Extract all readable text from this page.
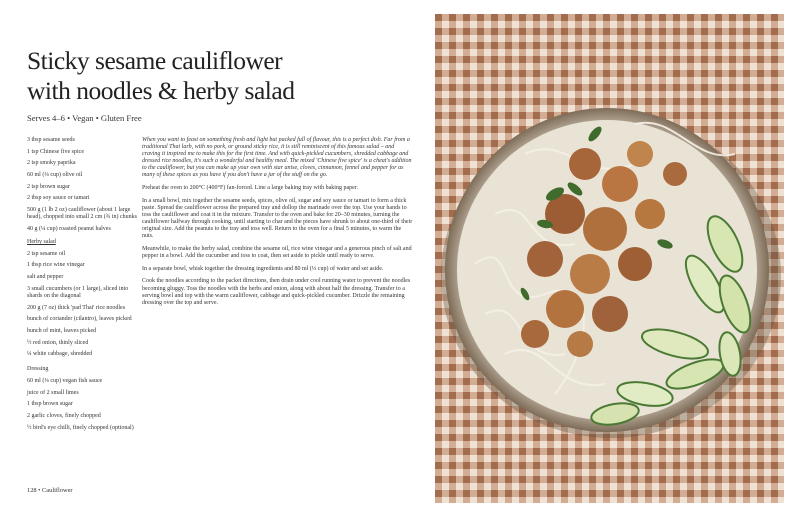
Sticky sesame cauliflower
with noodles & herby salad
Serves 4–6 • Vegan • Gluten Free
3 tbsp sesame seeds
1 tsp Chinese five spice
2 tsp smoky paprika
60 ml (¼ cup) olive oil
2 tsp brown sugar
2 tbsp soy sauce or tamari
500 g (1 lb 2 oz) cauliflower (about 1 large head), chopped into small 2 cm (¾ in) chunks
40 g (¼ cup) roasted peanut halves
Herby salad
2 tsp sesame oil
1 tbsp rice wine vinegar
salt and pepper
3 small cucumbers (or 1 large), sliced into shards on the diagonal
200 g (7 oz) thick 'pad Thai' rice noodles
bunch of coriander (cilantro), leaves picked
bunch of mint, leaves picked
½ red onion, thinly sliced
¼ white cabbage, shredded
Dressing
60 ml (¼ cup) vegan fish sauce
juice of 2 small limes
1 tbsp brown sugar
2 garlic cloves, finely chopped
½ bird's eye chilli, finely chopped (optional)

When you want to feast on something fresh and light but packed full of flavour, this is a perfect dish. Far from a traditional Thai larb, with no pork, or ground sticky rice, it is still reminiscent of this famous salad – and craving it inspired me to make this for the first time. And with quick-pickled cucumbers, shredded cabbage and dressed rice noodles, it's such a wonderful and healthy meal. The mixed 'Chinese five spice' is a cheat's addition to the cauliflower, but you can make up your own with star anise, cloves, cinnamon, fennel and pepper for as many of these spices as you have if you don't have a jar of the stuff on the go.

Preheat the oven to 200°C (400°F) fan-forced. Line a large baking tray with baking paper.

In a small bowl, mix together the sesame seeds, spices, olive oil, sugar and soy sauce or tamari to form a thick paste. Spread the cauliflower across the prepared tray and dollop the marinade over the top. Use your hands to toss the cauliflower and coat it in the mixture. Transfer to the oven and bake for 20–30 minutes, turning the cauliflower halfway through cooking, until starting to char and the pieces have shrunk to about one-third of their original size. Add the peanuts to the tray and toss well. Return to the oven for a final 5 minutes, to warm the nuts.

Meanwhile, to make the herby salad, combine the sesame oil, rice wine vinegar and a generous pinch of salt and pepper in a bowl. Add the cucumber and toss to coat, then set aside to pickle until ready to serve.

In a separate bowl, whisk together the dressing ingredients and 80 ml (⅓ cup) of water and set aside.

Cook the noodles according to the packet directions, then drain under cool running water to prevent the noodles becoming gluggy. Toss the noodles with the herbs and onion, along with about half the dressing. Transfer to a serving bowl and top with the warm cauliflower, cabbage and quick-pickled cucumber. Drizzle the remaining dressing over the top and serve.

128 • Cauliflower
